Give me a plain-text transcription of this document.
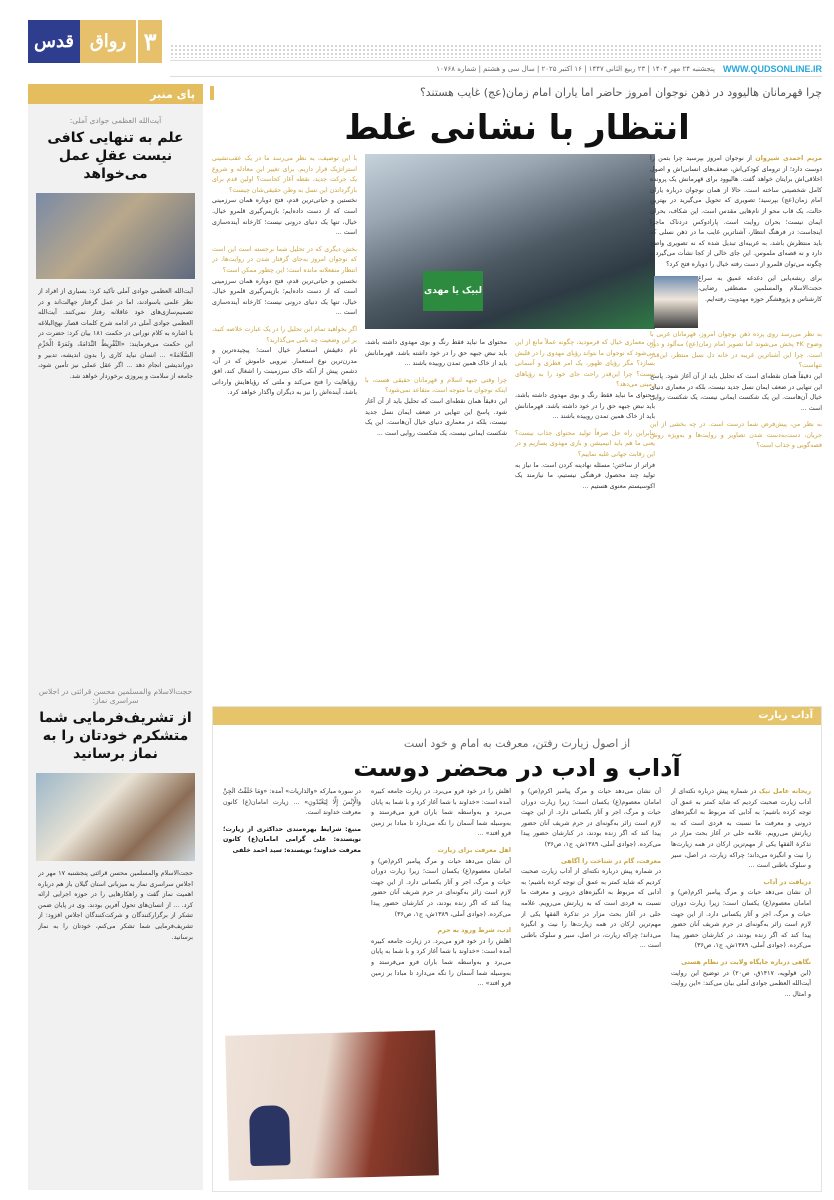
قدس رواق ۳
WWW.QUDSONLINE.IR
پنجشنبه ۲۴ مهر ۱۴۰۴ | ۲۳ ربیع الثانی ۱۴۴۷ | ۱۶ اکتبر ۲۰۲۵ | سال سی و هشتم | شماره ۱۰۷۶۸
پای منبر
آیت‌الله العظمی جوادی آملی:
علم به تنهایی کافی نیست عقلِ عمل می‌خواهد
آیت‌الله العظمی جوادی آملی تأکید کرد: بسیاری از افراد از نظر علمی باسوادند، اما در عمل گرفتار جهالت‌اند و در تصمیم‌سازی‌های خود عاقلانه رفتار نمی‌کنند. آیت‌الله العظمی جوادی آملی در ادامه شرح کلمات قصار نهج‌البلاغه با اشاره به کلام نورانی در حکمت ۱۸۱ بیان کرد: حضرت در این حکمت می‌فرمایند: «التَّفْرِیطُ النَّدَامَةُ، وَثَمَرَةُ الْحَزْمِ السَّلَامَةُ» ... انسان نباید کاری را بدون اندیشه، تدبیر و دوراندیشی انجام دهد ... اگر عقل عملی نیز تأمین شود، جامعه از سلامت و پیروزی برخوردار خواهد شد.
حجت‌الاسلام والمسلمین محسن قرائتی در اجلاس سراسری نماز:
از تشریف‌فرمایی شما متشکرم خودتان را به نماز برسانید
حجت‌الاسلام والمسلمین محسن قرائتی پنجشنبه ۱۷ مهر در اجلاس سراسری نماز به میزبانی استان گیلان باز هم درباره اهمیت نماز گفت و راهکارهایی را در حوزه اجرایی ارائه کرد. ... از انسان‌های تحول آفرین بودند. وی در پایان ضمن تشکر از برگزارکنندگان و شرکت‌کنندگان اجلاس افزود: از تشریف‌فرمایی شما تشکر می‌کنم، خودتان را به نماز برسانید.
چرا قهرمانان هالیوود در ذهن نوجوان امروز حاضر اما یاران امام زمان(عج) غایب هستند؟
انتظار با نشانی غلط
لبیک یا مهدی
مریم احمدی شیروان از نوجوان امروز بپرسید چرا بتمن را دوست دارد؛ از تروما‌ی کودکی‌اش، ضعف‌های انسانی‌اش و اصول اخلاقی‌اش برایتان خواهد گفت. هالیوود برای قهرمانش یک پرونده کامل شخصیتی ساخته است. حالا از همان نوجوان درباره یاران امام زمان(عج) بپرسید؛ تصویری که تحویل می‌گیرید در بهترین حالت، یک قاب محو از نام‌هایی مقدس است. این شکاف، بحران ایمان نیست؛ بحران روایت است. پارادوکس دردناک ماجرا اینجاست: در فرهنگ انتظار، آشناترین غایب ما در ذهن نسلی که باید منتظرش باشد، به غریبه‌ای تبدیل شده که نه تصویری واضح دارد و نه قصه‌ای ملموس. این جای خالی از کجا نشأت می‌گیرد و چگونه می‌توان قلمرو از دست رفته خیال را دوباره فتح کرد؟
برای ریشه‌یابی این دغدغه عمیق به سراغ حجت‌الاسلام والمسلمین مصطفی رضایی، کارشناس و پژوهشگر حوزه مهدویت رفته‌ایم.
به نظر می‌رسد روی پرده ذهن نوجوان امروز، قهرمانان غربی با وضوح ۴K پخش می‌شوند اما تصویر امام زمان(عج) مه‌آلود و دور است. چرا این آشنا‌ترین غریبه در خانه دل نسل منتظر، این‌قدر تنهاست؟
این دقیقاً همان نقطه‌ای است که تحلیل باید از آن آغاز شود. پاسخ این تنهایی در ضعف ایمان نسل جدید نیست، بلکه در معماری دنیای خیال آن‌هاست. این یک شکست ایمانی نیست، یک شکست روایی است ...
به نظر من، پیش‌فرض شما درست است. در چه بخشی از این جریان، دست‌به‌دست شدن تصاویر و روایت‌ها و به‌ویژه روش قصه‌گویی و جذاب است؟
این معماری خیال که فرمودید، چگونه عملاً مانع از این می‌شود که نوجوان ما بتواند رؤیای مهدوی را در قلبش بسازد؟ مگر رؤیای ظهور، یک امر فطری و آسمانی نیست؟ چرا این‌قدر راحت جای خود را به رؤیاهای زمینی می‌دهد؟
محتوای ما نباید فقط رنگ و بوی مهدوی داشته باشد، باید نبض جبهه حق را در خود داشته باشد. قهرمانانش باید از خاک همین تمدن روییده باشند ...
بنابراین راه حل صرفاً تولید محتوای جذاب نیست؟ یعنی ما هم باید انیمیشن و بازی مهدوی بسازیم و در این رقابت جهانی غلبه نماییم؟
فراتر از ساختن؛ مسئله نهادینه کردن است. ما نیاز به تولید چند محصول فرهنگی نیستیم، ما نیازمند یک اکوسیستم معنوی هستیم ...
محتوای ما نباید فقط رنگ و بوی مهدوی داشته باشد، باید نبض جبهه حق را در خود داشته باشد. قهرمانانش باید از خاک همین تمدن روییده باشند ...
چرا وقتی جبهه اسلام و قهرمانان حقیقی هست، با اینکه نوجوان ما متوجه است، متقاعد نمی‌شود؟
این دقیقاً همان نقطه‌ای است که تحلیل باید از آن آغاز شود. پاسخ این تنهایی در ضعف ایمان نسل جدید نیست، بلکه در معماری دنیای خیال آن‌هاست. این یک شکست ایمانی نیست، یک شکست روایی است ...
با این توصیف، به نظر می‌رسد ما در یک عقب‌نشینی استراتژیک قرار داریم. برای تغییر این معادله و شروع یک حرکت جدید، نقطه آغاز کجاست؟ اولین قدم برای بازگرداندن این نسل به وطن حقیقی‌شان چیست؟
نخستین و حیاتی‌ترین قدم، فتح دوباره همان سرزمینی است که از دست داده‌ایم؛ بازپس‌گیری قلمرو خیال. خیال، تنها یک دنیای درونی نیست؛ کارخانه آینده‌سازی است ...
بخش دیگری که در تحلیل شما برجسته است این است که نوجوان امروز به‌جای گرفتار شدن در روایت‌ها، در انتظار منفعلانه مانده است؛ این چطور ممکن است؟
نخستین و حیاتی‌ترین قدم، فتح دوباره همان سرزمینی است که از دست داده‌ایم؛ بازپس‌گیری قلمرو خیال. خیال، تنها یک دنیای درونی نیست؛ کارخانه آینده‌سازی است ...
اگر بخواهید تمام این تحلیل را در یک عبارت خلاصه کنید، بر این وضعیت چه نامی می‌گذارید؟
نام دقیقش استعمار خیال است؛ پیچیده‌ترین و مدرن‌ترین نوع استعمار. نیرویی خاموش که در آن، دشمن پیش از آنکه خاک سرزمینت را اشغال کند، افق رؤیاهایت را فتح می‌کند و ملتی که رؤیاهایش وارداتی باشد، آینده‌اش را نیز به دیگران واگذار خواهد کرد.
آداب زیارت
از اصول زیارت رفتن، معرفت به امام و خود است
آداب و ادب در محضر دوست
ریحانه عامل نیک در شماره پیش درباره نکته‌ای از آداب زیارت صحبت کردیم که شاید کمتر به عمق آن توجه کرده باشیم؛ به آدابی که مربوط به انگیزه‌های درونی و معرفت ما نسبت به فردی است که به زیارتش می‌رویم. علامه حلی در آغاز بحث مزار در تذکرة الفقها یکی از مهم‌ترین ارکان در همه زیارت‌ها را نیت و انگیزه می‌داند؛ چراکه زیارت، در اصل، سیر و سلوک باطنی است ...
دریافت در آداب
آن نشان می‌دهد حیات و مرگ پیامبر اکرم(ص) و امامان معصوم(ع) یکسان است؛ زیرا زیارت دوران حیات و مرگ، اجر و آثار یکسانی دارد. از این جهت لازم است زائر به‌گونه‌ای در حرم شریف آنان حضور پیدا کند که اگر زنده بودند، در کنارشان حضور پیدا می‌کرده. (جوادی آملی، ۱۳۸۹ش، ج۱، ص۳۶)
نگاهی درباره جایگاه ولایت در نظام هستی
(ابن قولویه، ۱۴۱۷ق، ص۲۰) در توضیح این روایت آیت‌الله العظمی جوادی آملی بیان می‌کند: «این روایت و امثال ...
آن نشان می‌دهد حیات و مرگ پیامبر اکرم(ص) و امامان معصوم(ع) یکسان است؛ زیرا زیارت دوران حیات و مرگ، اجر و آثار یکسانی دارد. از این جهت لازم است زائر به‌گونه‌ای در حرم شریف آنان حضور پیدا کند که اگر زنده بودند، در کنارشان حضور پیدا می‌کرده. (جوادی آملی، ۱۳۸۹ش، ج۱، ص۳۶)
معرفت، گام در شناخت را آگاهی
در شماره پیش درباره نکته‌ای از آداب زیارت صحبت کردیم که شاید کمتر به عمق آن توجه کرده باشیم؛ به آدابی که مربوط به انگیزه‌های درونی و معرفت ما نسبت به فردی است که به زیارتش می‌رویم. علامه حلی در آغاز بحث مزار در تذکرة الفقها یکی از مهم‌ترین ارکان در همه زیارت‌ها را نیت و انگیزه می‌داند؛ چراکه زیارت، در اصل، سیر و سلوک باطنی است ...
اهلش را در خود فرو می‌برد. در زیارت جامعه کبیره آمده است: «خداوند با شما آغاز کرد و با شما به پایان می‌برد و به‌واسطه شما باران فرو می‌فرستد و به‌وسیله شما آسمان را نگه می‌دارد تا مبادا بر زمین فرو افتد» ...
اهل معرفت برای زیارت
آن نشان می‌دهد حیات و مرگ پیامبر اکرم(ص) و امامان معصوم(ع) یکسان است؛ زیرا زیارت دوران حیات و مرگ، اجر و آثار یکسانی دارد. از این جهت لازم است زائر به‌گونه‌ای در حرم شریف آنان حضور پیدا کند که اگر زنده بودند، در کنارشان حضور پیدا می‌کرده. (جوادی آملی، ۱۳۸۹ش، ج۱، ص۳۶)
ادب، شرط ورود به حرم
اهلش را در خود فرو می‌برد. در زیارت جامعه کبیره آمده است: «خداوند با شما آغاز کرد و با شما به پایان می‌برد و به‌واسطه شما باران فرو می‌فرستد و به‌وسیله شما آسمان را نگه می‌دارد تا مبادا بر زمین فرو افتد» ...
در سوره مبارکه «والذاریات» آمده: «وَمَا خَلَقْتُ الْجِنَّ وَالْإِنْسَ إِلَّا لِيَعْبُدُونِ» ... زیارت امامان(ع) کانون معرفت خداوند است.
منبع: شرایط بهره‌مندی حداکثری از زیارت؛ نویسنده: علی گرامی امامان(ع) کانون معرفت خداوند؛ نویسنده: سید احمد خلفی
